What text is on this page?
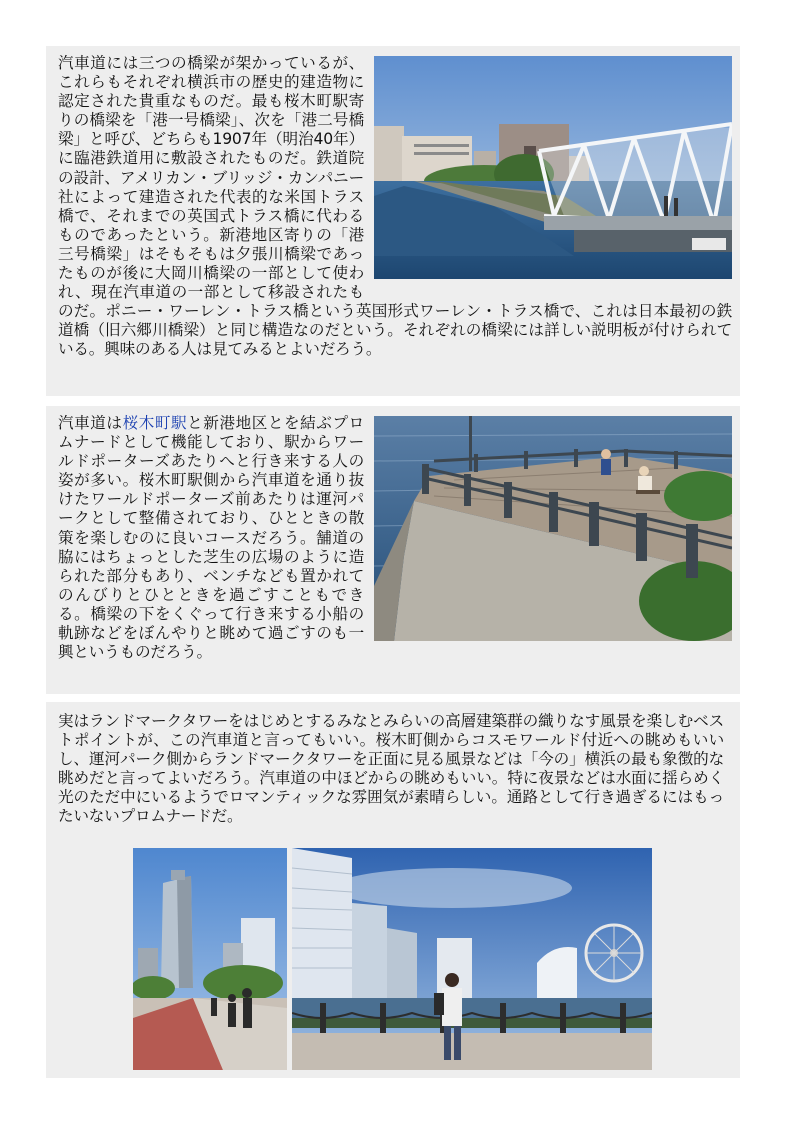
汽車道には三つの橋梁が架かっているが、これらもそれぞれ横浜市の歴史的建造物に認定された貴重なものだ。最も桜木町駅寄りの橋梁を「港一号橋梁」、次を「港二号橋梁」と呼び、どちらも1907年（明治40年）に臨港鉄道用に敷設されたものだ。鉄道院の設計、アメリカン・ブリッジ・カンパニー社によって建造された代表的な米国トラス橋で、それまでの英国式トラス橋に代わるものであったという。新港地区寄りの「港三号橋梁」はそもそもは夕張川橋梁であったものが後に大岡川橋梁の一部として使われ、現在汽車道の一部として移設されたものだ。ポニー・ワーレン・トラス橋という英国形式ワーレン・トラス橋で、これは日本最初の鉄道橋（旧六郷川橋梁）と同じ構造なのだという。それぞれの橋梁には詳しい説明板が付けられている。興味のある人は見てみるとよいだろう。
汽車道は桜木町駅と新港地区とを結ぶプロムナードとして機能しており、駅からワールドポーターズあたりへと行き来する人の姿が多い。桜木町駅側から汽車道を通り抜けたワールドポーターズ前あたりは運河パークとして整備されており、ひとときの散策を楽しむのに良いコースだろう。舗道の脇にはちょっとした芝生の広場のように造られた部分もあり、ベンチなども置かれてのんびりとひとときを過ごすこともできる。橋梁の下をくぐって行き来する小船の軌跡などをぼんやりと眺めて過ごすのも一興というものだろう。
実はランドマークタワーをはじめとするみなとみらいの高層建築群の織りなす風景を楽しむベストポイントが、この汽車道と言ってもいい。桜木町側からコスモワールド付近への眺めもいいし、運河パーク側からランドマークタワーを正面に見る風景などは「今の」横浜の最も象徴的な眺めだと言ってよいだろう。汽車道の中ほどからの眺めもいい。特に夜景などは水面に揺らめく光のただ中にいるようでロマンティックな雰囲気が素晴らしい。通路として行き過ぎるにはもったいないプロムナードだ。
